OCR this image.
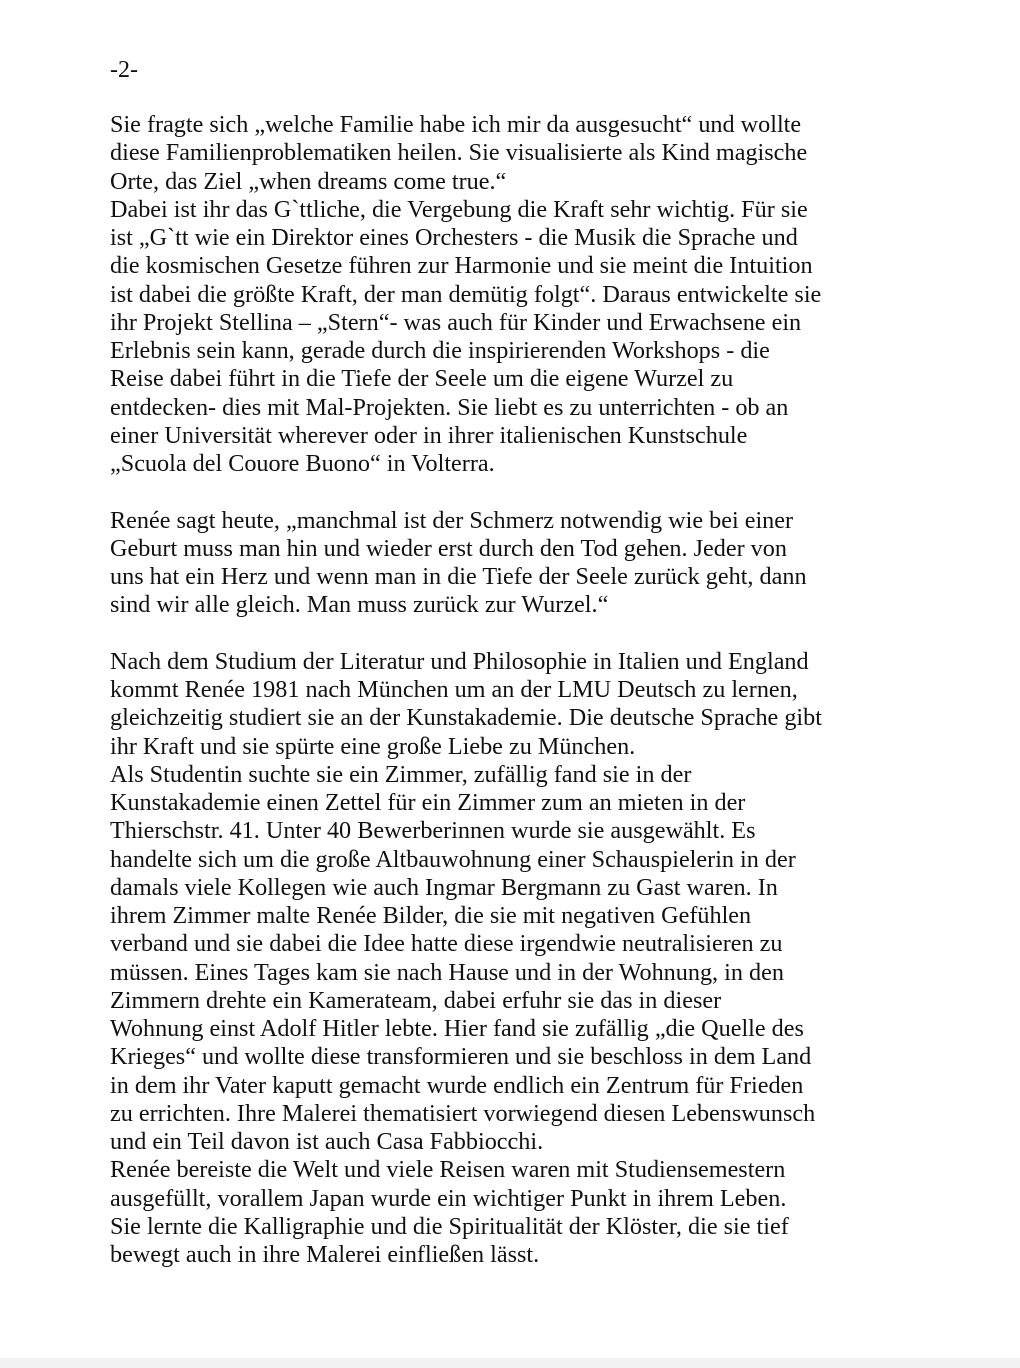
-2-
Sie fragte sich „welche Familie habe ich mir da ausgesucht“ und wollte
diese Familienproblematiken heilen. Sie visualisierte als Kind magische
Orte, das Ziel „when dreams come true.“
Dabei ist ihr das G`ttliche, die Vergebung die Kraft sehr wichtig. Für sie
ist „G`tt wie ein Direktor eines Orchesters - die Musik die Sprache und
die kosmischen Gesetze führen zur Harmonie und sie meint die Intuition
ist dabei die größte Kraft, der man demütig folgt“. Daraus entwickelte sie
ihr Projekt Stellina – „Stern“- was auch für Kinder und Erwachsene ein
Erlebnis sein kann, gerade durch die inspirierenden Workshops - die
Reise dabei führt in die Tiefe der Seele um die eigene Wurzel zu
entdecken- dies mit Mal-Projekten. Sie liebt es zu unterrichten - ob an
einer Universität wherever oder in ihrer italienischen Kunstschule
„Scuola del Couore Buono“ in Volterra.
Renée sagt heute, „manchmal ist der Schmerz notwendig wie bei einer
Geburt muss man hin und wieder erst durch den Tod gehen. Jeder von
uns hat ein Herz und wenn man in die Tiefe der Seele zurück geht, dann
sind wir alle gleich. Man muss zurück zur Wurzel.“
Nach dem Studium der Literatur und Philosophie in Italien und England
kommt Renée 1981 nach München um an der LMU Deutsch zu lernen,
gleichzeitig studiert sie an der Kunstakademie. Die deutsche Sprache gibt
ihr Kraft und sie spürte eine große Liebe zu München.
Als Studentin suchte sie ein Zimmer, zufällig fand sie in der
Kunstakademie einen Zettel für ein Zimmer zum an mieten in der
Thierschstr. 41. Unter 40 Bewerberinnen wurde sie ausgewählt. Es
handelte sich um die große Altbauwohnung einer Schauspielerin in der
damals viele Kollegen wie auch Ingmar Bergmann zu Gast waren. In
ihrem Zimmer malte Renée Bilder, die sie mit negativen Gefühlen
verband und sie dabei die Idee hatte diese irgendwie neutralisieren zu
müssen. Eines Tages kam sie nach Hause und in der Wohnung, in den
Zimmern drehte ein Kamerateam, dabei erfuhr sie das in dieser
Wohnung einst Adolf Hitler lebte. Hier fand sie zufällig „die Quelle des
Krieges“ und wollte diese transformieren und sie beschloss in dem Land
in dem ihr Vater kaputt gemacht wurde endlich ein Zentrum für Frieden
zu errichten. Ihre Malerei thematisiert vorwiegend diesen Lebenswunsch
und ein Teil davon ist auch Casa Fabbiocchi.
Renée bereiste die Welt und viele Reisen waren mit Studiensemestern
ausgefüllt, vorallem Japan wurde ein wichtiger Punkt in ihrem Leben.
Sie lernte die Kalligraphie und die Spiritualität der Klöster, die sie tief
bewegt auch in ihre Malerei einfließen lässt.
